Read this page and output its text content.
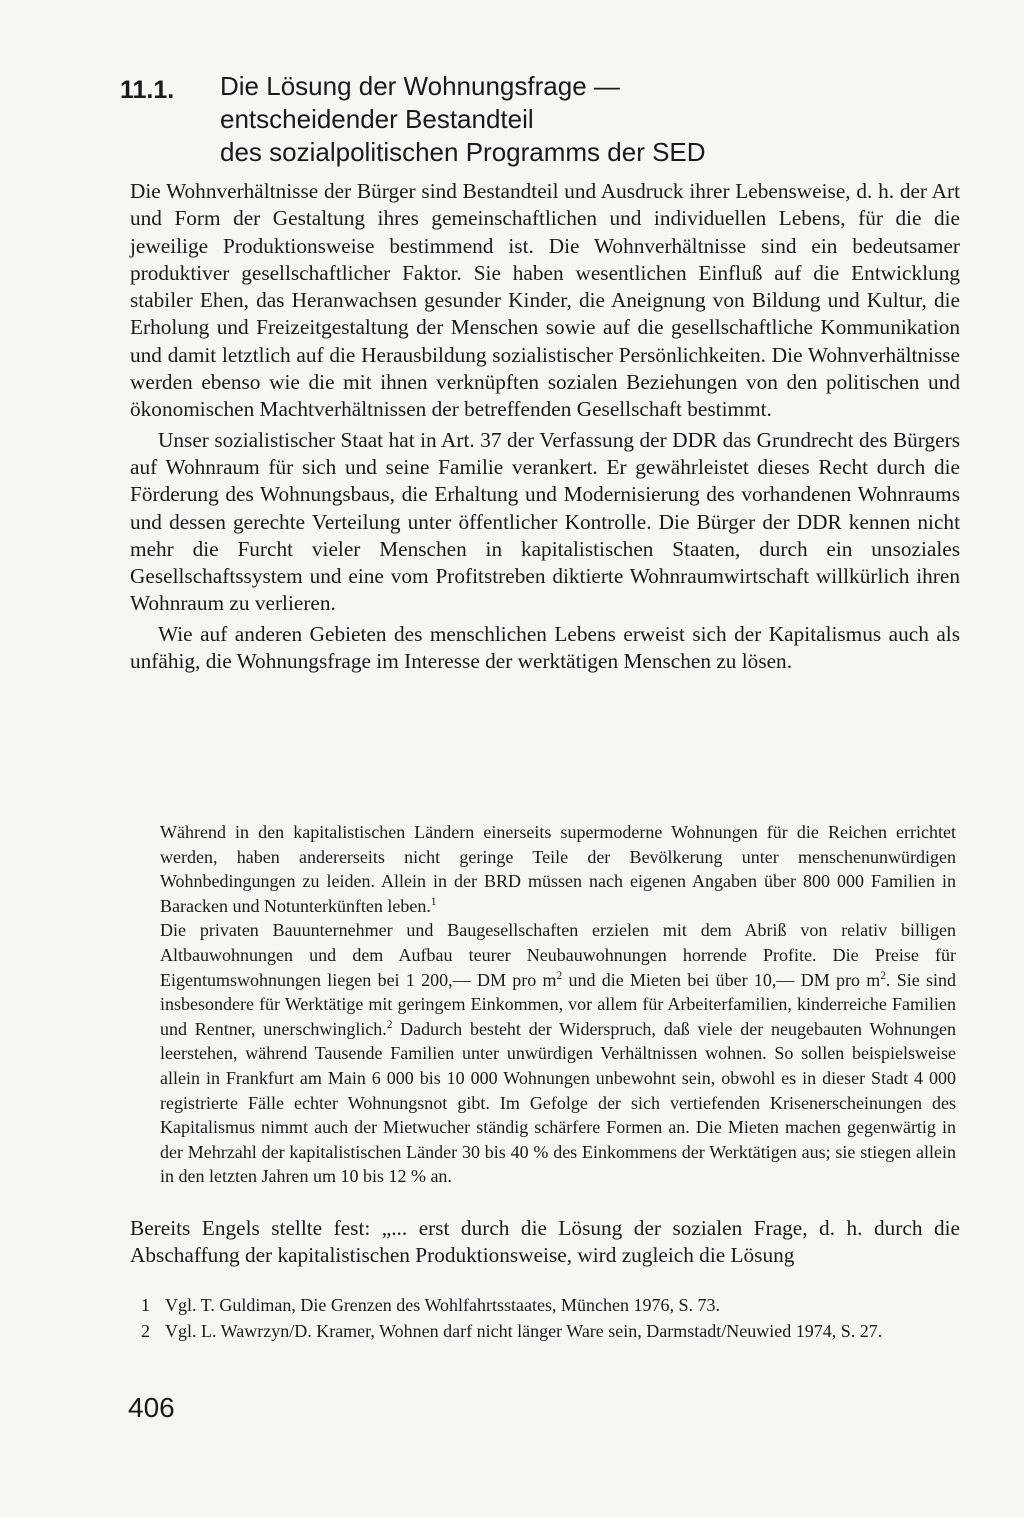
11.1. Die Lösung der Wohnungsfrage —
entscheidender Bestandteil
des sozialpolitischen Programms der SED

Die Wohnverhältnisse der Bürger sind Bestandteil und Ausdruck ihrer Lebensweise, d. h. der Art und Form der Gestaltung ihres gemeinschaftlichen und individuellen Lebens, für die die jeweilige Produktionsweise bestimmend ist. Die Wohnverhältnisse sind ein bedeutsamer produktiver gesellschaftlicher Faktor. Sie haben wesentlichen Einfluß auf die Entwicklung stabiler Ehen, das Heranwachsen gesunder Kinder, die Aneignung von Bildung und Kultur, die Erholung und Freizeitgestaltung der Menschen sowie auf die gesellschaftliche Kommunikation und damit letztlich auf die Herausbildung sozialistischer Persönlichkeiten. Die Wohnverhältnisse werden ebenso wie die mit ihnen verknüpften sozialen Beziehungen von den politischen und ökonomischen Machtverhältnissen der betreffenden Gesellschaft bestimmt.

Unser sozialistischer Staat hat in Art. 37 der Verfassung der DDR das Grundrecht des Bürgers auf Wohnraum für sich und seine Familie verankert. Er gewährleistet dieses Recht durch die Förderung des Wohnungsbaus, die Erhaltung und Modernisierung des vorhandenen Wohnraums und dessen gerechte Verteilung unter öffentlicher Kontrolle. Die Bürger der DDR kennen nicht mehr die Furcht vieler Menschen in kapitalistischen Staaten, durch ein unsoziales Gesellschaftssystem und eine vom Profitstreben diktierte Wohnraumwirtschaft willkürlich ihren Wohnraum zu verlieren.

Wie auf anderen Gebieten des menschlichen Lebens erweist sich der Kapitalismus auch als unfähig, die Wohnungsfrage im Interesse der werktätigen Menschen zu lösen.

Während in den kapitalistischen Ländern einerseits supermoderne Wohnungen für die Reichen errichtet werden, haben andererseits nicht geringe Teile der Bevölkerung unter menschenunwürdigen Wohnbedingungen zu leiden. Allein in der BRD müssen nach eigenen Angaben über 800 000 Familien in Baracken und Notunterkünften leben.$^1$

Die privaten Bauunternehmer und Baugesellschaften erzielen mit dem Abriß von relativ billigen Altbauwohnungen und dem Aufbau teurer Neubauwohnungen horrende Profite. Die Preise für Eigentumswohnungen liegen bei 1 200,— DM pro $m^2$ und die Mieten bei über 10,— DM pro $m^2$. Sie sind insbesondere für Werktätige mit geringem Einkommen, vor allem für Arbeiterfamilien, kinderreiche Familien und Rentner, unerschwinglich.$^2$ Dadurch besteht der Widerspruch, daß viele der neugebauten Wohnungen leerstehen, während Tausende Familien unter unwürdigen Verhältnissen wohnen. So sollen beispielsweise allein in Frankfurt am Main 6 000 bis 10 000 Wohnungen unbewohnt sein, obwohl es in dieser Stadt 4 000 registrierte Fälle echter Wohnungsnot gibt. Im Gefolge der sich vertiefenden Krisenerscheinungen des Kapitalismus nimmt auch der Mietwucher ständig schärfere Formen an. Die Mieten machen gegenwärtig in der Mehrzahl der kapitalistischen Länder 30 bis 40 % des Einkommens der Werktätigen aus; sie stiegen allein in den letzten Jahren um 10 bis 12 % an.

Bereits Engels stellte fest: „... erst durch die Lösung der sozialen Frage, d. h. durch die Abschaffung der kapitalistischen Produktionsweise, wird zugleich die Lösung

1 Vgl. T. Guldiman, Die Grenzen des Wohlfahrtsstaates, München 1976, S. 73.
2 Vgl. L. Wawrzyn/D. Kramer, Wohnen darf nicht länger Ware sein, Darmstadt/Neuwied 1974, S. 27.
406
